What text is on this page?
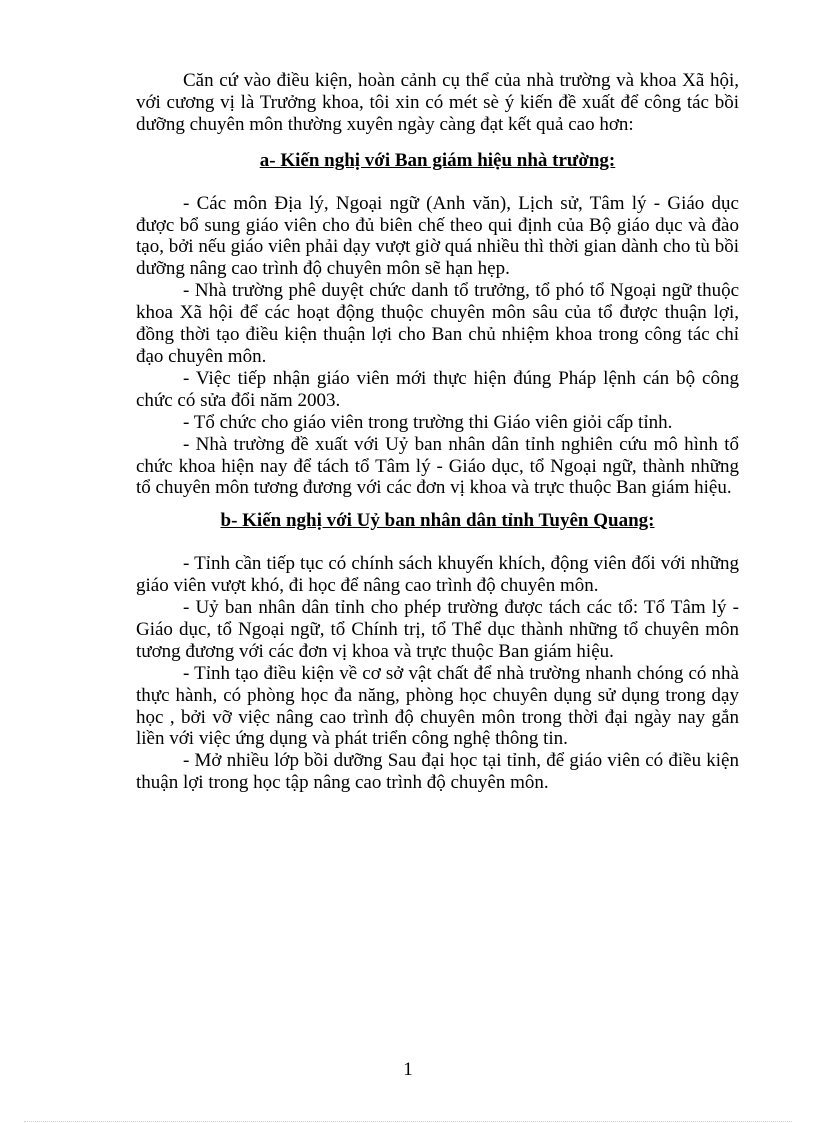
Căn cứ vào điều kiện, hoàn cảnh cụ thể của nhà trường và khoa Xã hội, với cương vị là Trưởng khoa, tôi xin có mét sè ý kiến đề xuất để công tác bồi dưỡng chuyên môn thường xuyên ngày càng đạt kết quả cao hơn:

a- Kiến nghị với Ban giám hiệu nhà trường:

- Các môn Địa lý, Ngoại ngữ (Anh văn), Lịch sử, Tâm lý - Giáo dục được bổ sung giáo viên cho đủ biên chế theo qui định của Bộ giáo dục và đào tạo, bởi nếu giáo viên phải dạy vượt giờ quá nhiều thì thời gian dành cho tù bồi dưỡng nâng cao trình độ chuyên môn sẽ hạn hẹp.

- Nhà trường phê duyệt chức danh tổ trưởng, tổ phó tổ Ngoại ngữ thuộc khoa Xã hội để các hoạt động thuộc chuyên môn sâu của tổ được thuận lợi, đồng thời tạo điều kiện thuận lợi cho Ban chủ nhiệm khoa trong công tác chỉ đạo chuyên môn.

- Việc tiếp nhận giáo viên mới thực hiện đúng Pháp lệnh cán bộ công chức có sửa đổi năm 2003.

- Tổ chức cho giáo viên trong trường thi Giáo viên giỏi cấp tỉnh.

- Nhà trường đề xuất với Uỷ ban nhân dân tỉnh nghiên cứu mô hình tổ chức khoa hiện nay để tách tổ Tâm lý - Giáo dục, tổ Ngoại ngữ, thành những tổ chuyên môn tương đương với các đơn vị khoa và trực thuộc Ban giám hiệu.

b- Kiến nghị với Uỷ ban nhân dân tỉnh Tuyên Quang:

- Tỉnh cần tiếp tục có chính sách khuyến khích, động viên đối với những giáo viên vượt khó, đi học để nâng cao trình độ chuyên môn.

- Uỷ ban nhân dân tỉnh cho phép trường được tách các tổ: Tổ Tâm lý - Giáo dục, tổ Ngoại ngữ, tổ Chính trị, tổ Thể dục thành những tổ chuyên môn tương đương với các đơn vị khoa và trực thuộc Ban giám hiệu.

- Tỉnh tạo điều kiện về cơ sở vật chất để nhà trường nhanh chóng có nhà thực hành, có phòng học đa năng, phòng học chuyên dụng sử dụng trong dạy học , bởi vỡ việc nâng cao trình độ chuyên môn trong thời đại ngày nay gắn liền với việc ứng dụng và phát triển công nghệ thông tin.

- Mở nhiều lớp bồi dưỡng Sau đại học tại tỉnh, để giáo viên có điều kiện thuận lợi trong học tập nâng cao trình độ chuyên môn.

1
